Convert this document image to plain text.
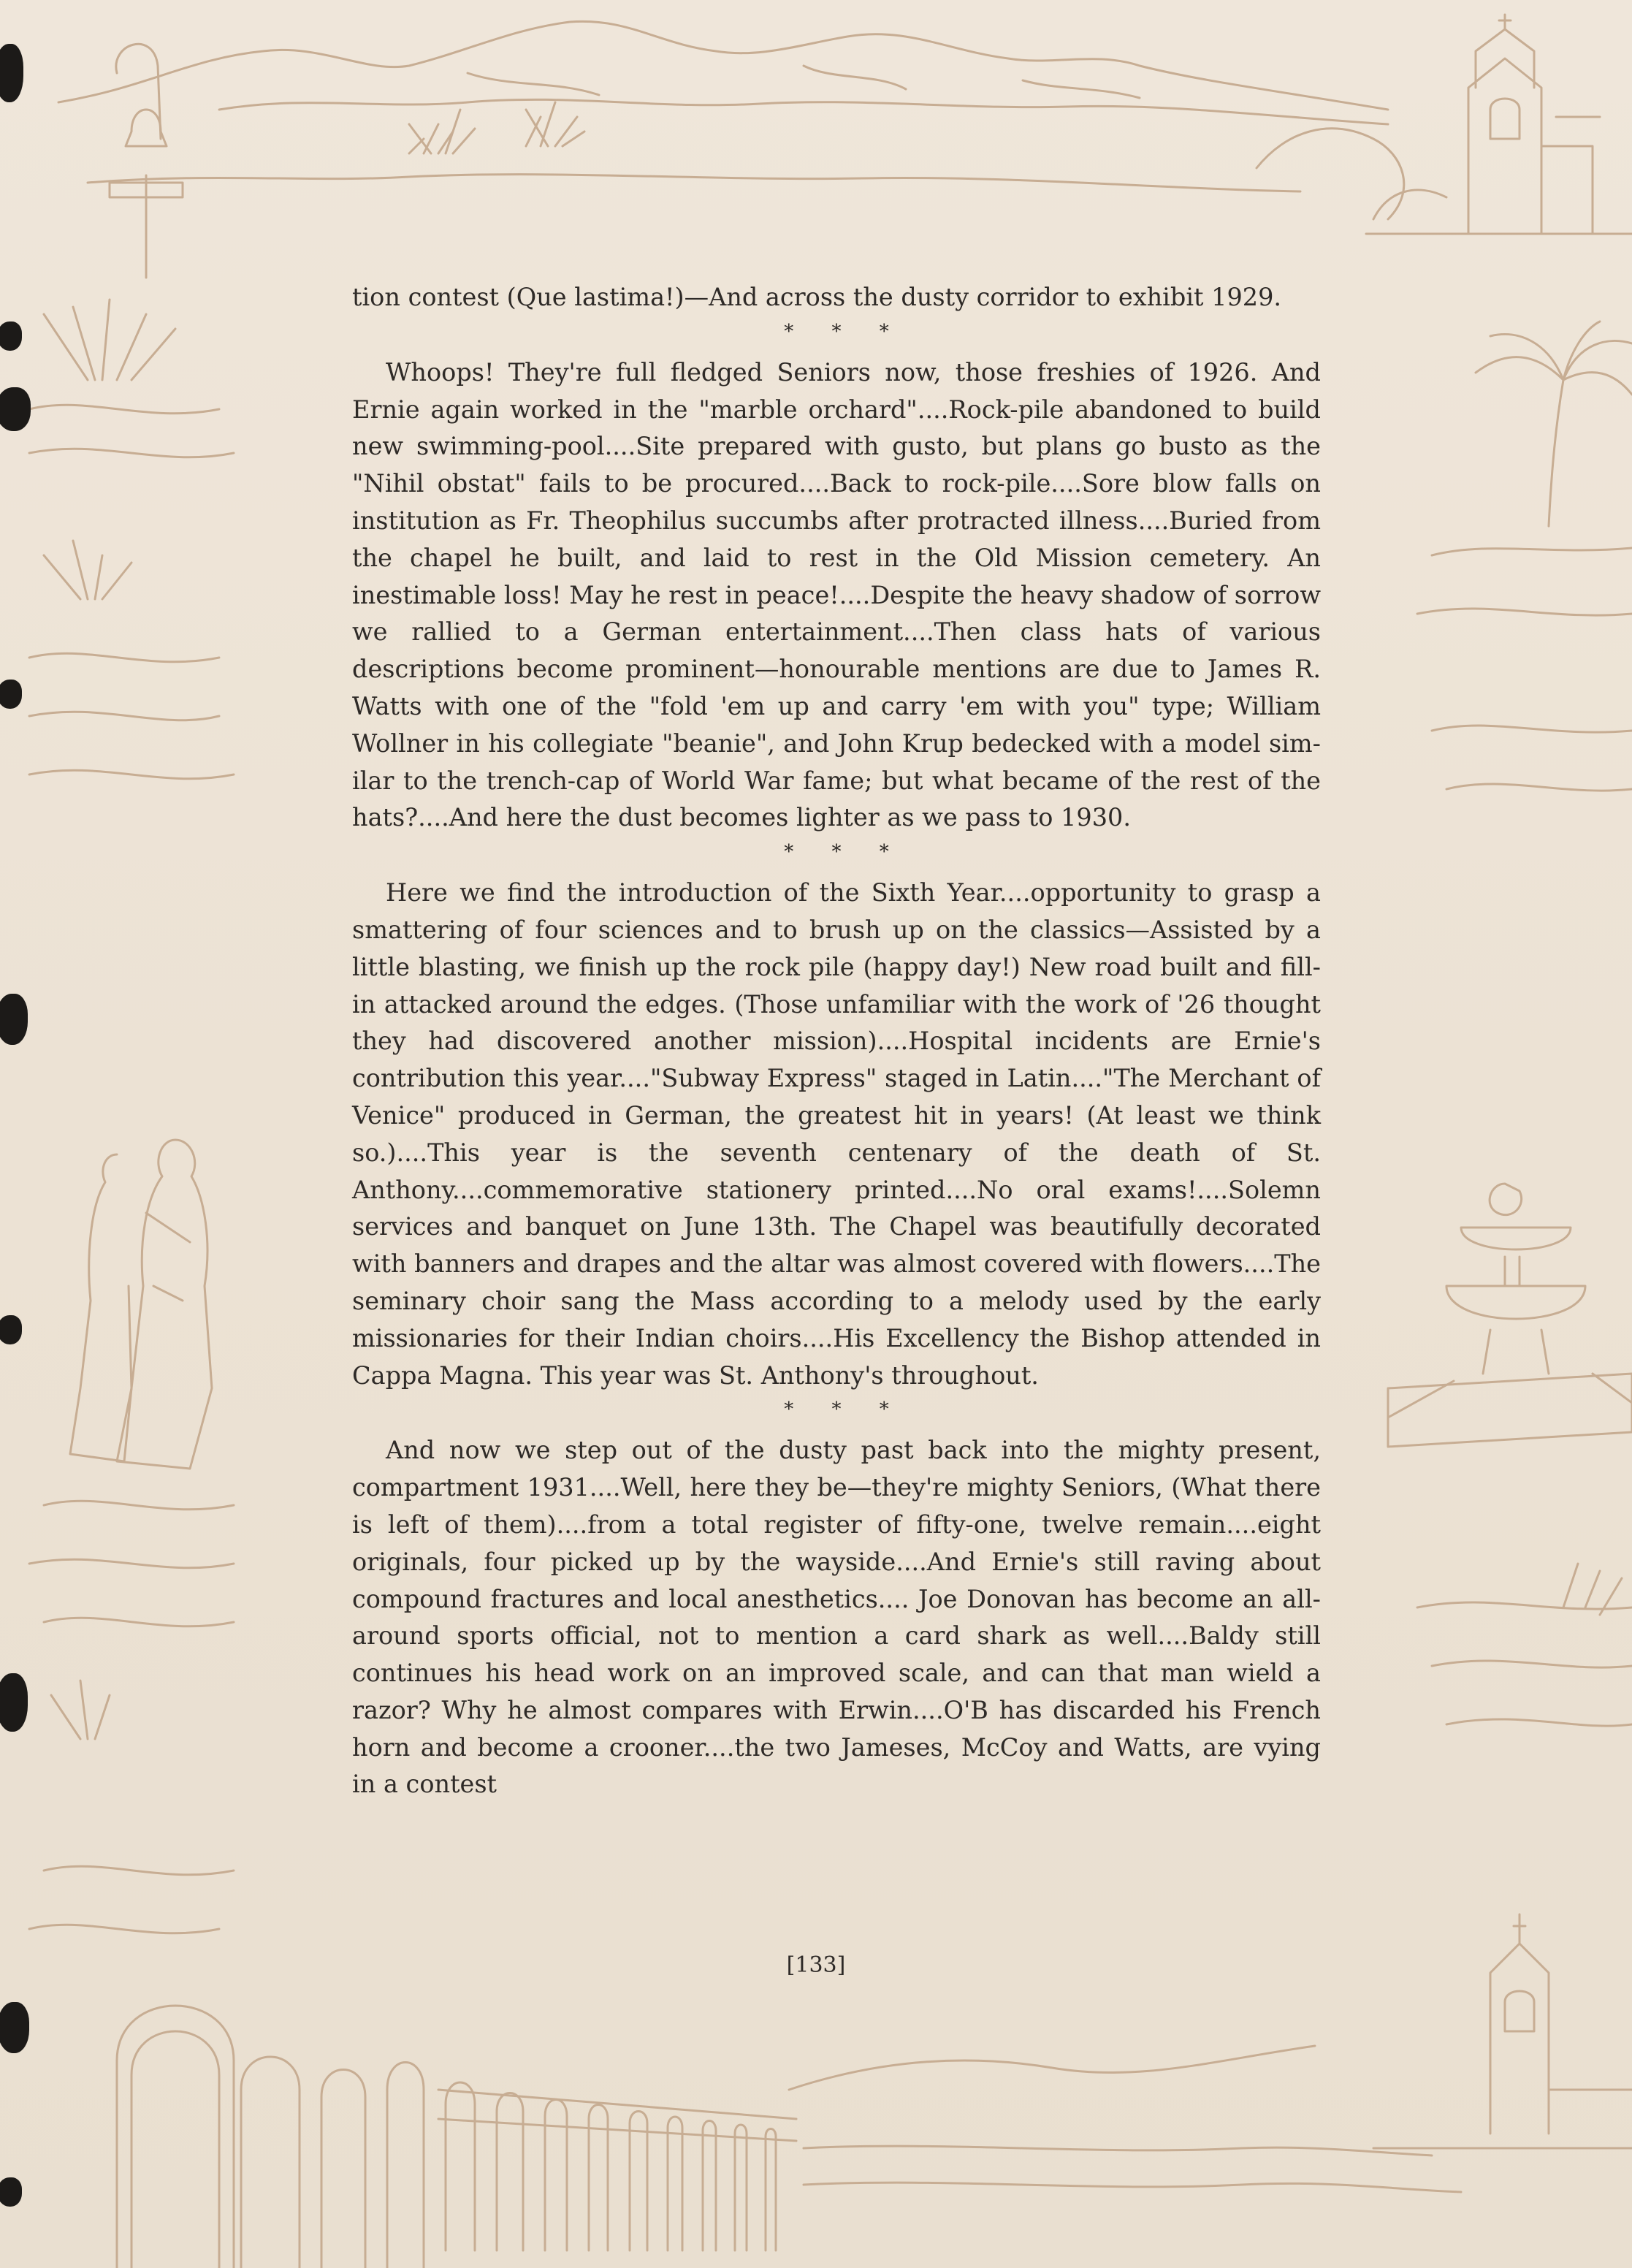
tion contest (Que lastima!)—And across the dusty corridor to exhibit 1929.

* * *

Whoops! They're full fledged Seniors now, those freshies of 1926. And Ernie again worked in the "marble orchard"....Rock-pile abandoned to build new swimming-pool....Site prepared with gusto, but plans go busto as the "Nihil obstat" fails to be procured....Back to rock-pile....Sore blow falls on institution as Fr. Theophilus succumbs after protracted illness....Buried from the chapel he built, and laid to rest in the Old Mission cemetery. An inestimable loss! May he rest in peace!....Despite the heavy shadow of sorrow we rallied to a German entertainment....Then class hats of various descriptions become prominent—honourable mentions are due to James R. Watts with one of the "fold 'em up and carry 'em with you" type; William Wollner in his collegiate "beanie", and John Krup bedecked with a model similar to the trench-cap of World War fame; but what became of the rest of the hats?....And here the dust becomes lighter as we pass to 1930.

* * *

Here we find the introduction of the Sixth Year....opportunity to grasp a smattering of four sciences and to brush up on the classics—Assisted by a little blasting, we finish up the rock pile (happy day!) New road built and fill-in attacked around the edges. (Those unfamiliar with the work of '26 thought they had discovered another mission)....Hospital incidents are Ernie's contribution this year...."Subway Express" staged in Latin...."The Merchant of Venice" produced in German, the greatest hit in years! (At least we think so.)....This year is the seventh centenary of the death of St. Anthony....commemorative stationery printed....No oral exams!....Solemn services and banquet on June 13th. The Chapel was beautifully decorated with banners and drapes and the altar was almost covered with flowers....The seminary choir sang the Mass according to a melody used by the early missionaries for their Indian choirs....His Excellency the Bishop attended in Cappa Magna. This year was St. Anthony's throughout.

* * *

And now we step out of the dusty past back into the mighty present, compartment 1931....Well, here they be—they're mighty Seniors, (What there is left of them)....from a total register of fifty-one, twelve remain....eight originals, four picked up by the wayside....And Ernie's still raving about compound fractures and local anesthetics.... Joe Donovan has become an all-around sports official, not to mention a card shark as well....Baldy still continues his head work on an improved scale, and can that man wield a razor? Why he almost compares with Erwin....O'B has discarded his French horn and become a crooner....the two Jameses, McCoy and Watts, are vying in a contest

[133]
